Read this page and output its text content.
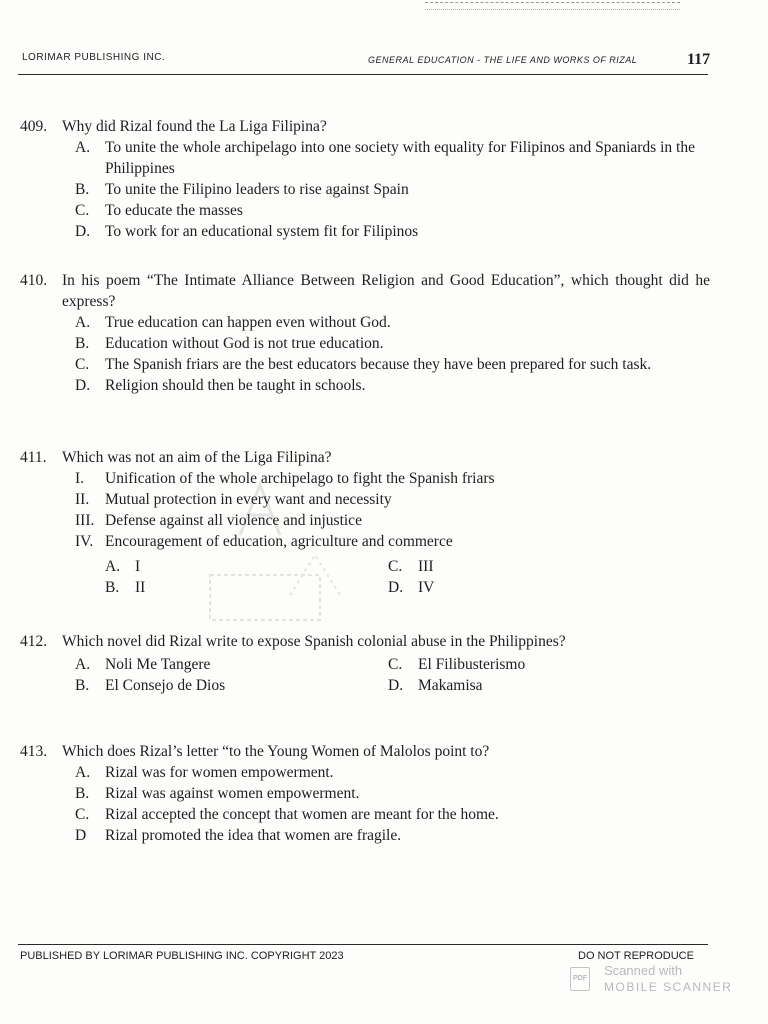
LORIMAR PUBLISHING INC.	GENERAL EDUCATION - THE LIFE AND WORKS OF RIZAL	117
409. Why did Rizal found the La Liga Filipina?
A. To unite the whole archipelago into one society with equality for Filipinos and Spaniards in the Philippines
B.	To unite the Filipino leaders to rise against Spain
C.	To educate the masses
D. To work for an educational system fit for Filipinos
410. In his poem “The Intimate Alliance Between Religion and Good Education”, which thought did he express?
A. True education can happen even without God.
B.	Education without God is not true education.
C.	The Spanish friars are the best educators because they have been prepared for such task.
D. Religion should then be taught in schools.
411. Which was not an aim of the Liga Filipina?
I.	Unification of the whole archipelago to fight the Spanish friars
II.	Mutual protection in every want and necessity
III. Defense against all violence and injustice
IV. Encouragement of education, agriculture and commerce
A. I	C.	III
B.	II	D. IV
412. Which novel did Rizal write to expose Spanish colonial abuse in the Philippines?
A. Noli Me Tangere	C.	El Filibusterismo
B.	El Consejo de Dios	D. Makamisa
413. Which does Rizal’s letter “to the Young Women of Malolos point to?
A. Rizal was for women empowerment.
B.	Rizal was against women empowerment.
C.	Rizal accepted the concept that women are meant for the home.
D	Rizal promoted the idea that women are fragile.
PUBLISHED BY LORIMAR PUBLISHING INC. COPYRIGHT 2023	DO NOT REPRODUCE
PDF
Scanned with
MOBILE SCANNER
